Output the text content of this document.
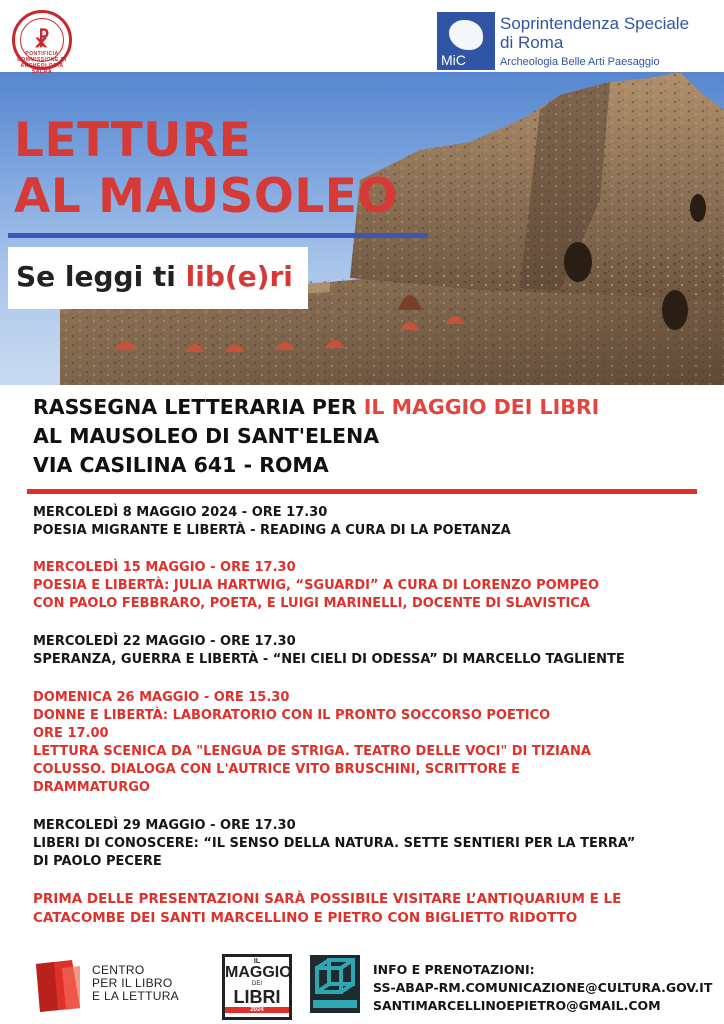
☧
PONTIFICIA COMMISSIONE DI ARCHEOLOGIA SACRA
MiC
Soprintendenza Speciale
di Roma
Archeologia Belle Arti Paesaggio
LETTURE
AL MAUSOLEO
Se leggi ti lib(e)ri
RASSEGNA LETTERARIA PER IL MAGGIO DEI LIBRI
AL MAUSOLEO DI SANT'ELENA
VIA CASILINA 641 - ROMA

MERCOLEDÌ 8 MAGGIO 2024 - ORE 17.30

POESIA MIGRANTE E LIBERTÀ - READING A CURA DI LA POETANZA

MERCOLEDÌ 15 MAGGIO - ORE 17.30

POESIA E LIBERTÀ: JULIA HARTWIG, “SGUARDI” A CURA DI LORENZO POMPEO

CON PAOLO FEBBRARO, POETA, E LUIGI MARINELLI, DOCENTE DI SLAVISTICA

MERCOLEDÌ 22 MAGGIO - ORE 17.30

SPERANZA, GUERRA E LIBERTÀ - “NEI CIELI DI ODESSA” DI MARCELLO TAGLIENTE

DOMENICA 26 MAGGIO - ORE 15.30

DONNE E LIBERTÀ: LABORATORIO CON IL PRONTO SOCCORSO POETICO

ORE 17.00

LETTURA SCENICA DA "LENGUA DE STRIGA. TEATRO DELLE VOCI" DI TIZIANA

COLUSSO. DIALOGA CON L'AUTRICE VITO BRUSCHINI, SCRITTORE E

DRAMMATURGO

MERCOLEDÌ 29 MAGGIO - ORE 17.30

LIBERI DI CONOSCERE: “IL SENSO DELLA NATURA. SETTE SENTIERI PER LA TERRA”

DI PAOLO PECERE

PRIMA DELLE PRESENTAZIONI SARÀ POSSIBILE VISITARE L’ANTIQUARIUM E LE

CATACOMBE DEI SANTI MARCELLINO E PIETRO CON BIGLIETTO RIDOTTO

CENTRO
PER IL LIBRO
E LA LETTURA
IL
MAGGIO
DEI
LIBRI
2024
INFO E PRENOTAZIONI:
SS-ABAP-RM.COMUNICAZIONE@CULTURA.GOV.IT
SANTIMARCELLINOEPIETRO@GMAIL.COM
